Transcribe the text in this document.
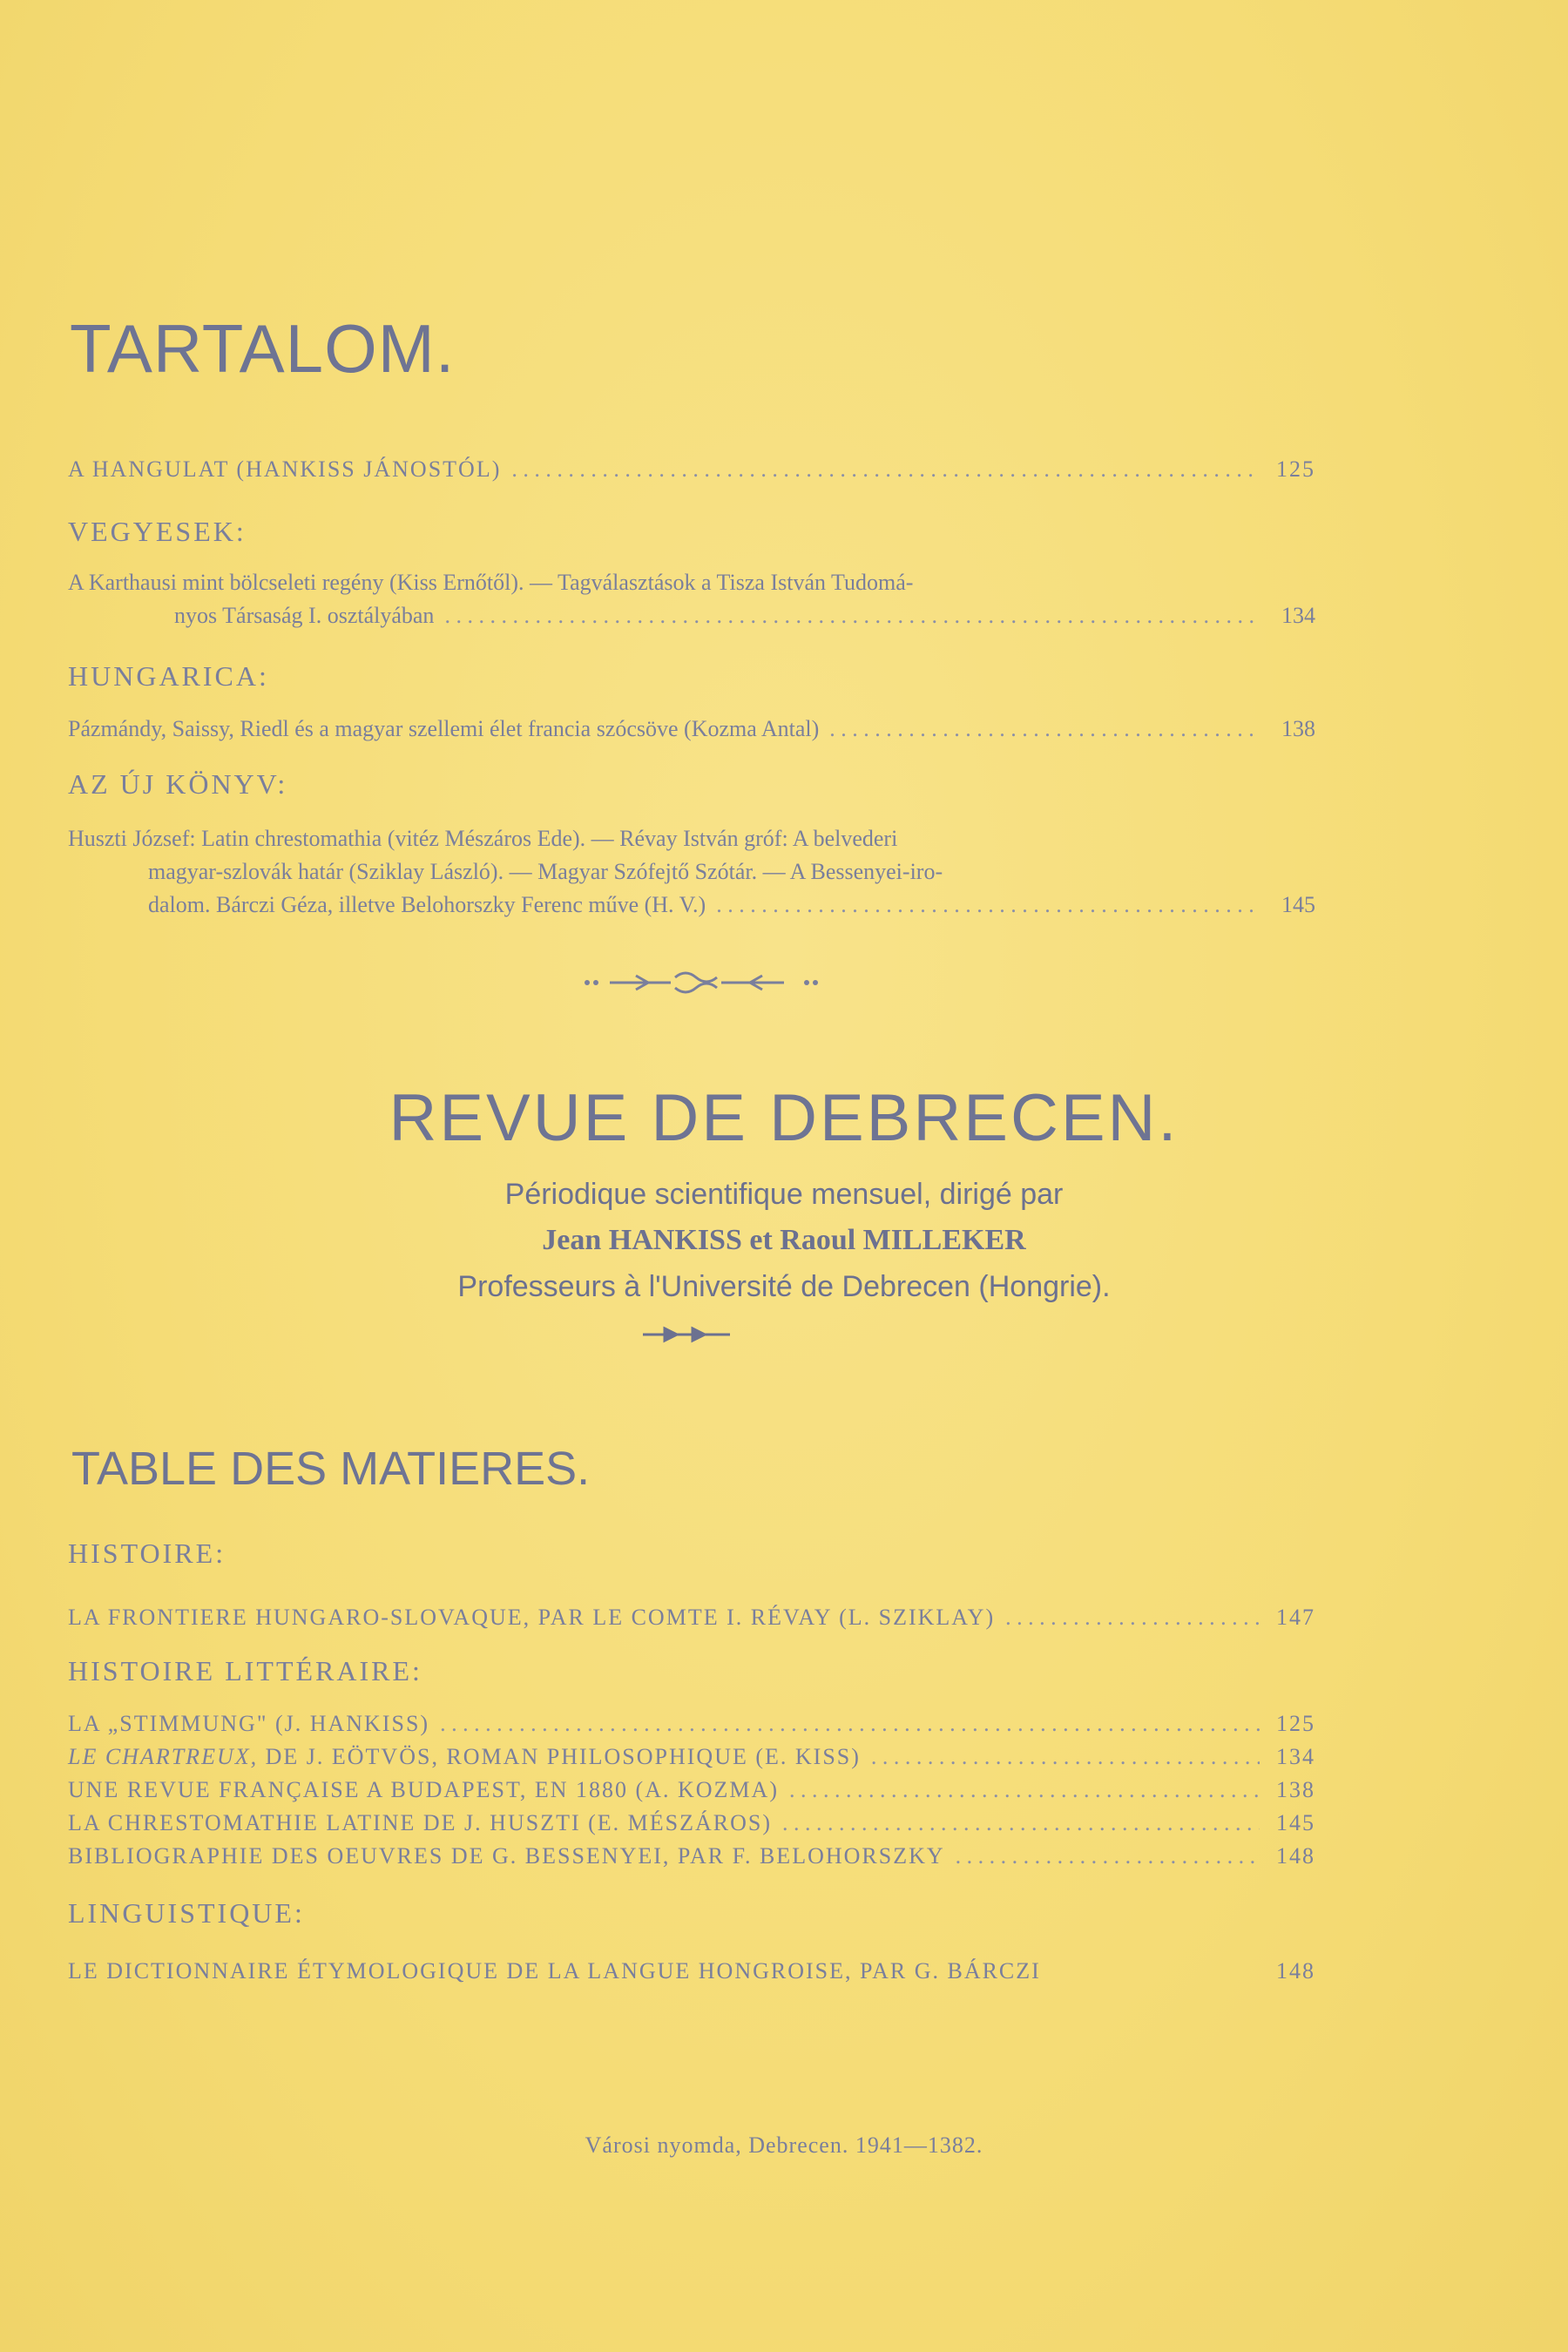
TARTALOM.
A HANGULAT (HANKISS JÁNOSTÓL) . . .	125
VEGYESEK:
A Karthausi mint bölcseleti regény (Kiss Ernőtől). — Tagválasztások a Tisza István Tudomá-
nyos Társaság I. osztályában . . .	134
HUNGARICA:
Pázmándy, Saissy, Riedl és a magyar szellemi élet francia szócsöve (Kozma Antal) . . .	138
AZ ÚJ KÖNYV:
Huszti József: Latin chrestomathia (vitéz Mészáros Ede). — Révay István gróf: A belvederi
magyar-szlovák határ (Sziklay László). — Magyar Szófejtő Szótár. — A Bessenyei-iro-
dalom. Bárczi Géza, illetve Belohorszky Ferenc műve (H. V.) . . .	145
REVUE DE DEBRECEN.
Périodique scientifique mensuel, dirigé par
Jean HANKISS et Raoul MILLEKER
Professeurs à l'Université de Debrecen (Hongrie).
TABLE DES MATIERES.
HISTOIRE:
LA FRONTIERE HUNGARO-SLOVAQUE, PAR LE COMTE I. RÉVAY (L. SZIKLAY) . . .	147
HISTOIRE LITTÉRAIRE:
LA „STIMMUNG" (J. HANKISS) . . .	125
LE CHARTREUX, DE J. EÖTVÖS, ROMAN PHILOSOPHIQUE (E. KISS) . . .	134
UNE REVUE FRANÇAISE A BUDAPEST, EN 1880 (A. KOZMA) . . .	138
LA CHRESTOMATHIE LATINE DE J. HUSZTI (E. MÉSZÁROS) . . .	145
BIBLIOGRAPHIE DES OEUVRES DE G. BESSENYEI, PAR F. BELOHORSZKY . . .	148
LINGUISTIQUE:
LE DICTIONNAIRE ÉTYMOLOGIQUE DE LA LANGUE HONGROISE, PAR G. BÁRCZI	148
Városi nyomda, Debrecen. 1941—1382.
